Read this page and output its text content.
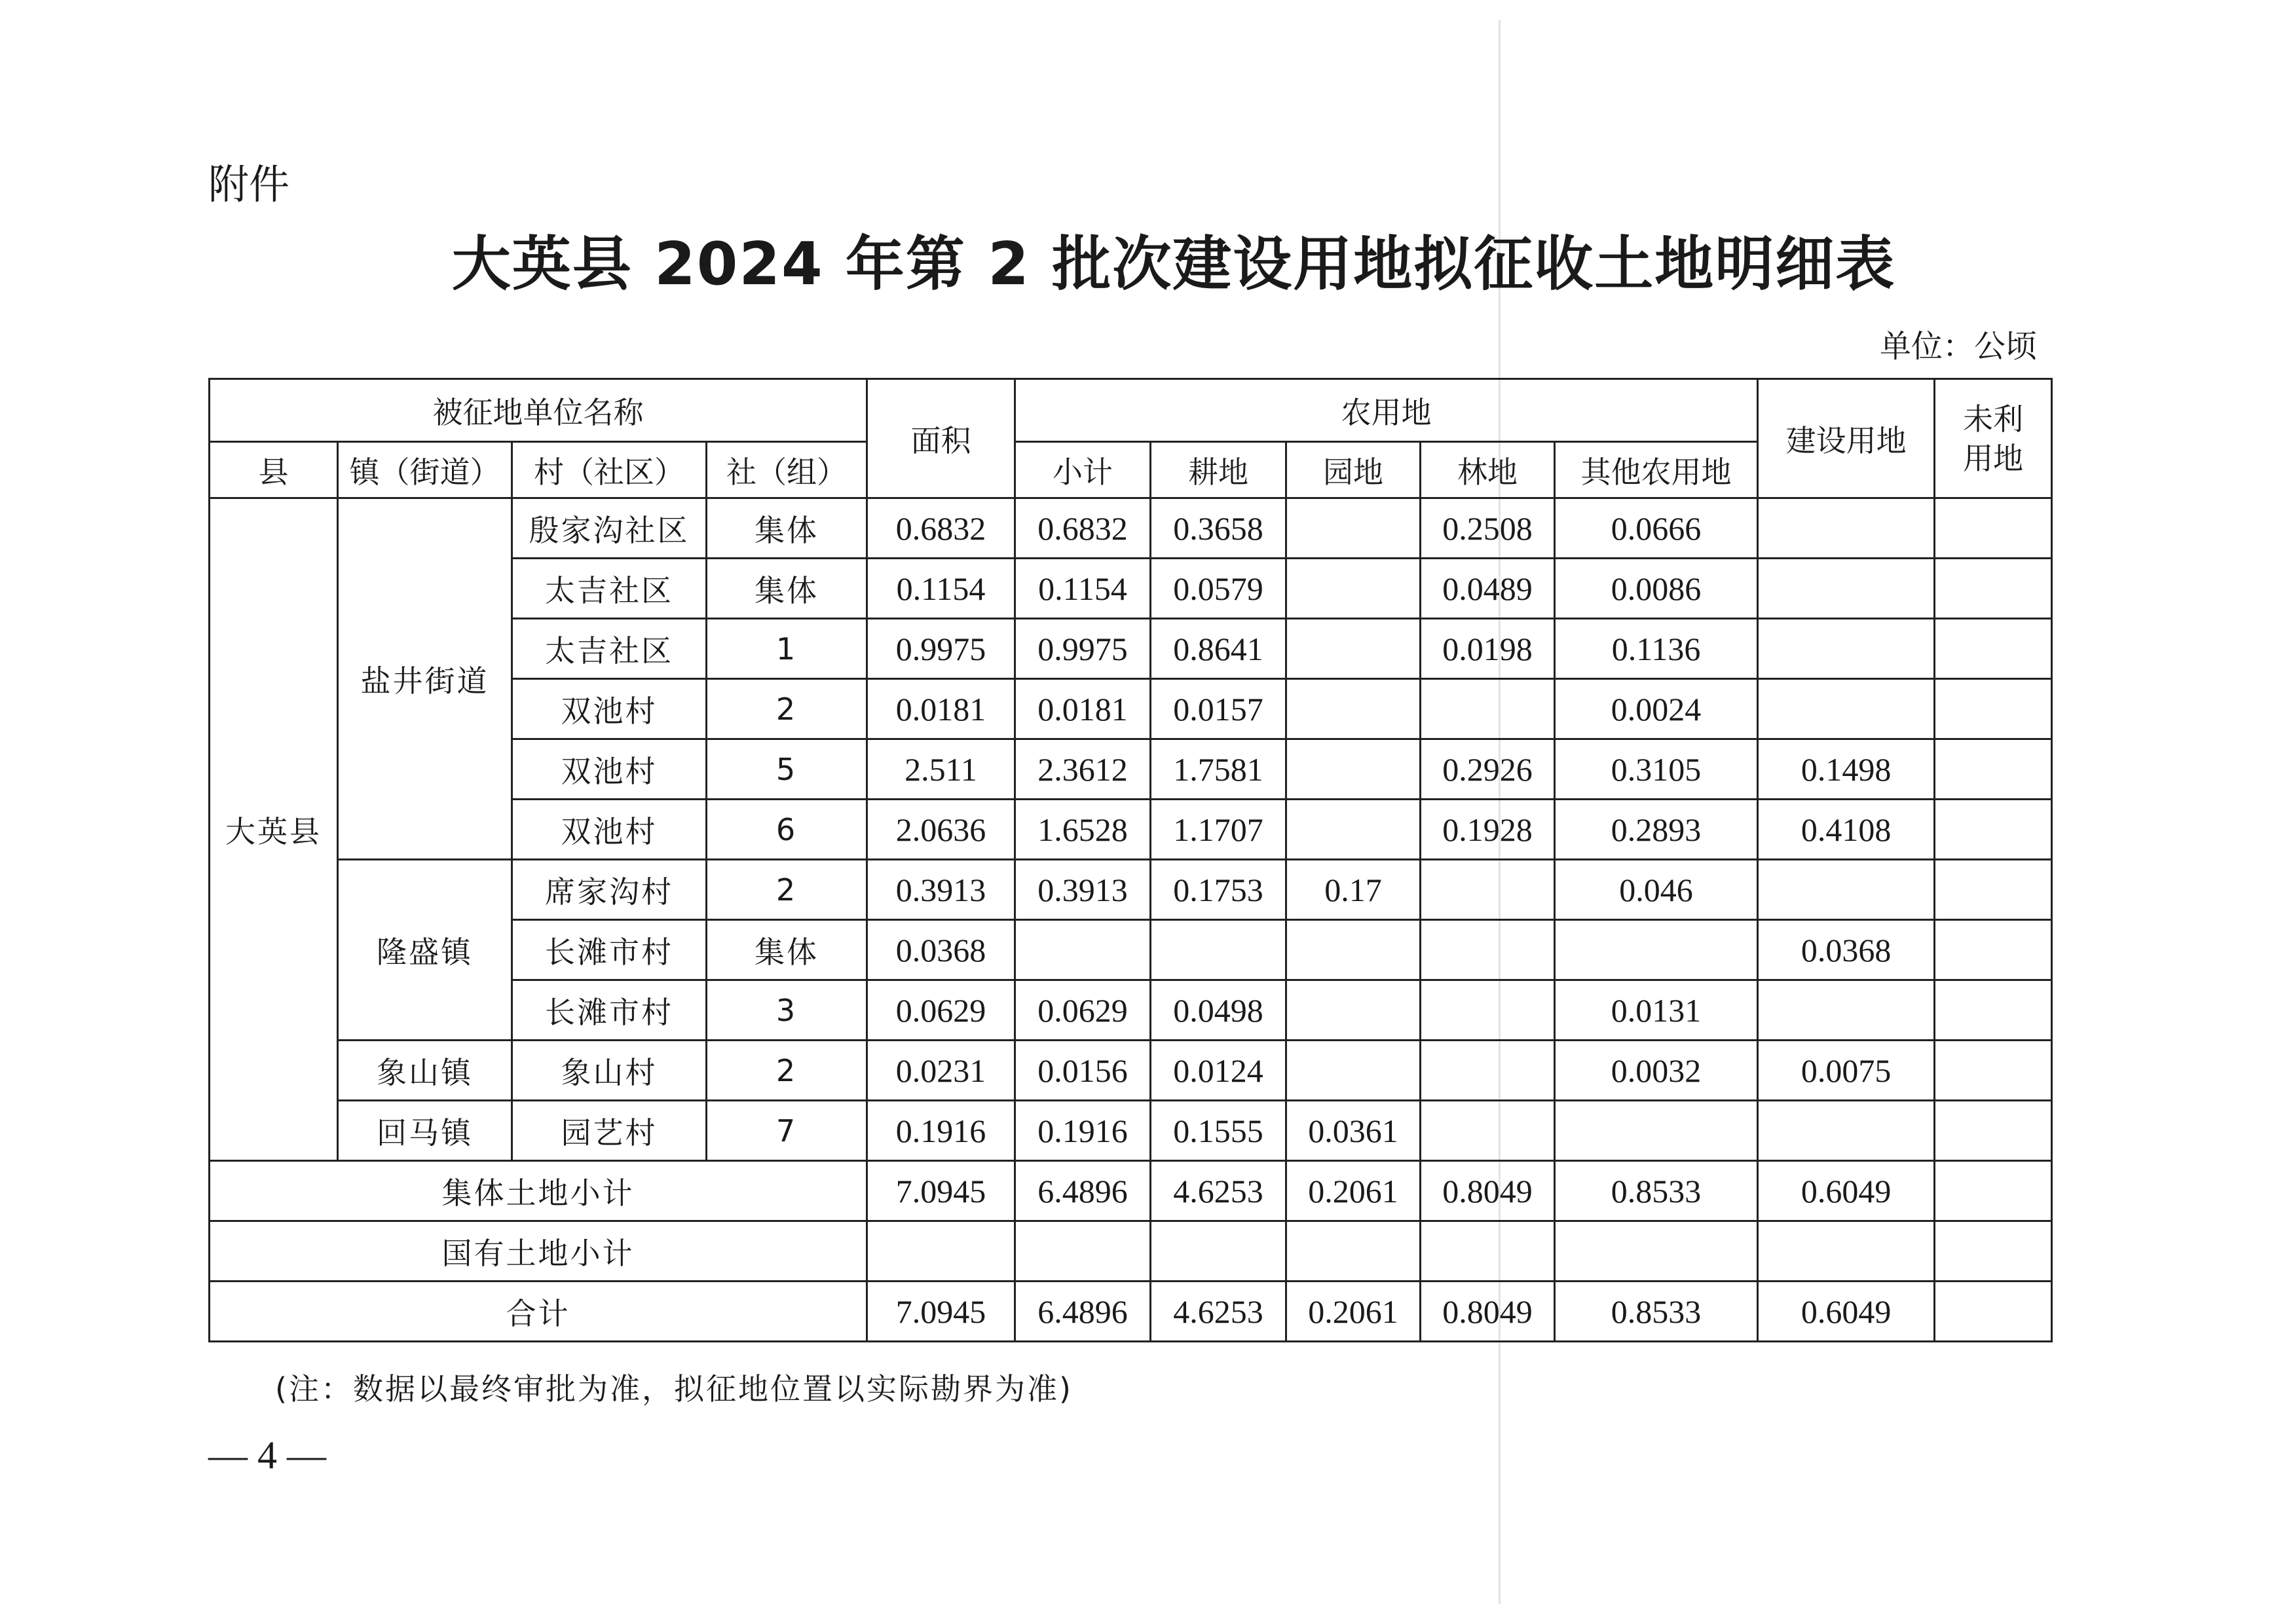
附件
大英县 2024 年第 2 批次建设用地拟征收土地明细表
单位：公顷
被征地单位名称				面积	农用地					建设用地	未利用地
县	镇（街道）	村（社区）	社（组）		小计	耕地	园地	林地	其他农用地		
大英县	盐井街道	殷家沟社区	集体	0.6832	0.6832	0.3658		0.2508	0.0666		
		太吉社区	集体	0.1154	0.1154	0.0579		0.0489	0.0086		
		太吉社区	1	0.9975	0.9975	0.8641		0.0198	0.1136		
		双池村	2	0.0181	0.0181	0.0157			0.0024		
		双池村	5	2.511	2.3612	1.7581		0.2926	0.3105	0.1498	
		双池村	6	2.0636	1.6528	1.1707		0.1928	0.2893	0.4108	
	隆盛镇	席家沟村	2	0.3913	0.3913	0.1753	0.17		0.046		
		长滩市村	集体	0.0368						0.0368	
		长滩市村	3	0.0629	0.0629	0.0498			0.0131		
	象山镇	象山村	2	0.0231	0.0156	0.0124			0.0032	0.0075	
	回马镇	园艺村	7	0.1916	0.1916	0.1555	0.0361				
集体土地小计				7.0945	6.4896	4.6253	0.2061	0.8049	0.8533	0.6049	
国有土地小计											
合计				7.0945	6.4896	4.6253	0.2061	0.8049	0.8533	0.6049	
(注：数据以最终审批为准，拟征地位置以实际勘界为准)
— 4 —
